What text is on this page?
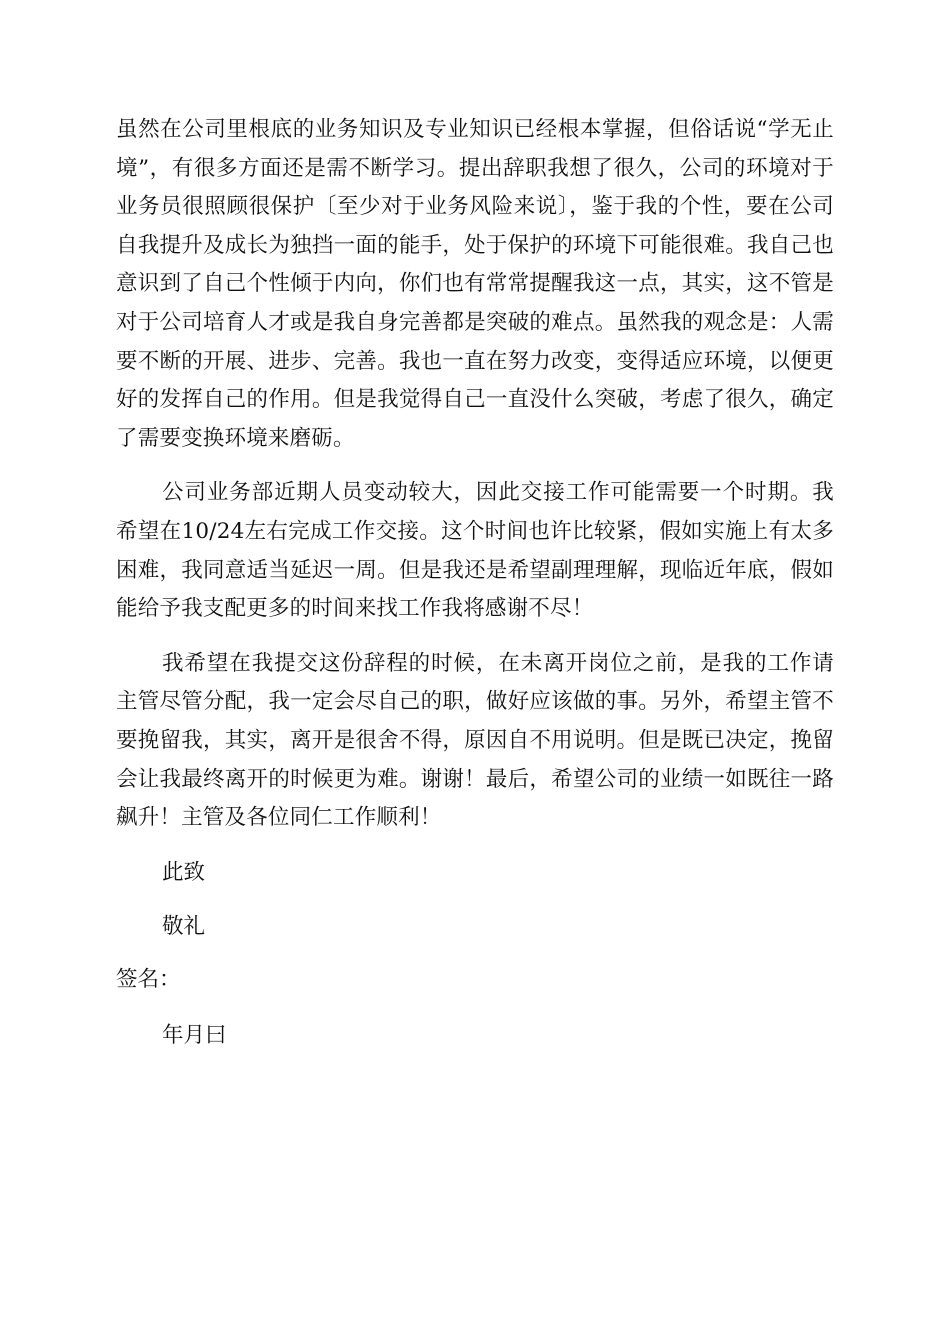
虽然在公司里根底的业务知识及专业知识已经根本掌握，但俗话说“学无止境”，有很多方面还是需不断学习。提出辞职我想了很久，公司的环境对于业务员很照顾很保护〔至少对于业务风险来说〕，鉴于我的个性，要在公司自我提升及成长为独挡一面的能手，处于保护的环境下可能很难。我自己也意识到了自己个性倾于内向，你们也有常常提醒我这一点，其实，这不管是对于公司培育人才或是我自身完善都是突破的难点。虽然我的观念是：人需要不断的开展、进步、完善。我也一直在努力改变，变得适应环境，以便更好的发挥自己的作用。但是我觉得自己一直没什么突破，考虑了很久，确定了需要变换环境来磨砺。

公司业务部近期人员变动较大，因此交接工作可能需要一个时期。我希望在10/24左右完成工作交接。这个时间也许比较紧，假如实施上有太多困难，我同意适当延迟一周。但是我还是希望副理理解，现临近年底，假如能给予我支配更多的时间来找工作我将感谢不尽！

我希望在我提交这份辞程的时候，在未离开岗位之前，是我的工作请主管尽管分配，我一定会尽自己的职，做好应该做的事。另外，希望主管不要挽留我，其实，离开是很舍不得，原因自不用说明。但是既已决定，挽留会让我最终离开的时候更为难。谢谢！最后，希望公司的业绩一如既往一路飙升！主管及各位同仁工作顺利！

此致

敬礼

签名：

年月曰
